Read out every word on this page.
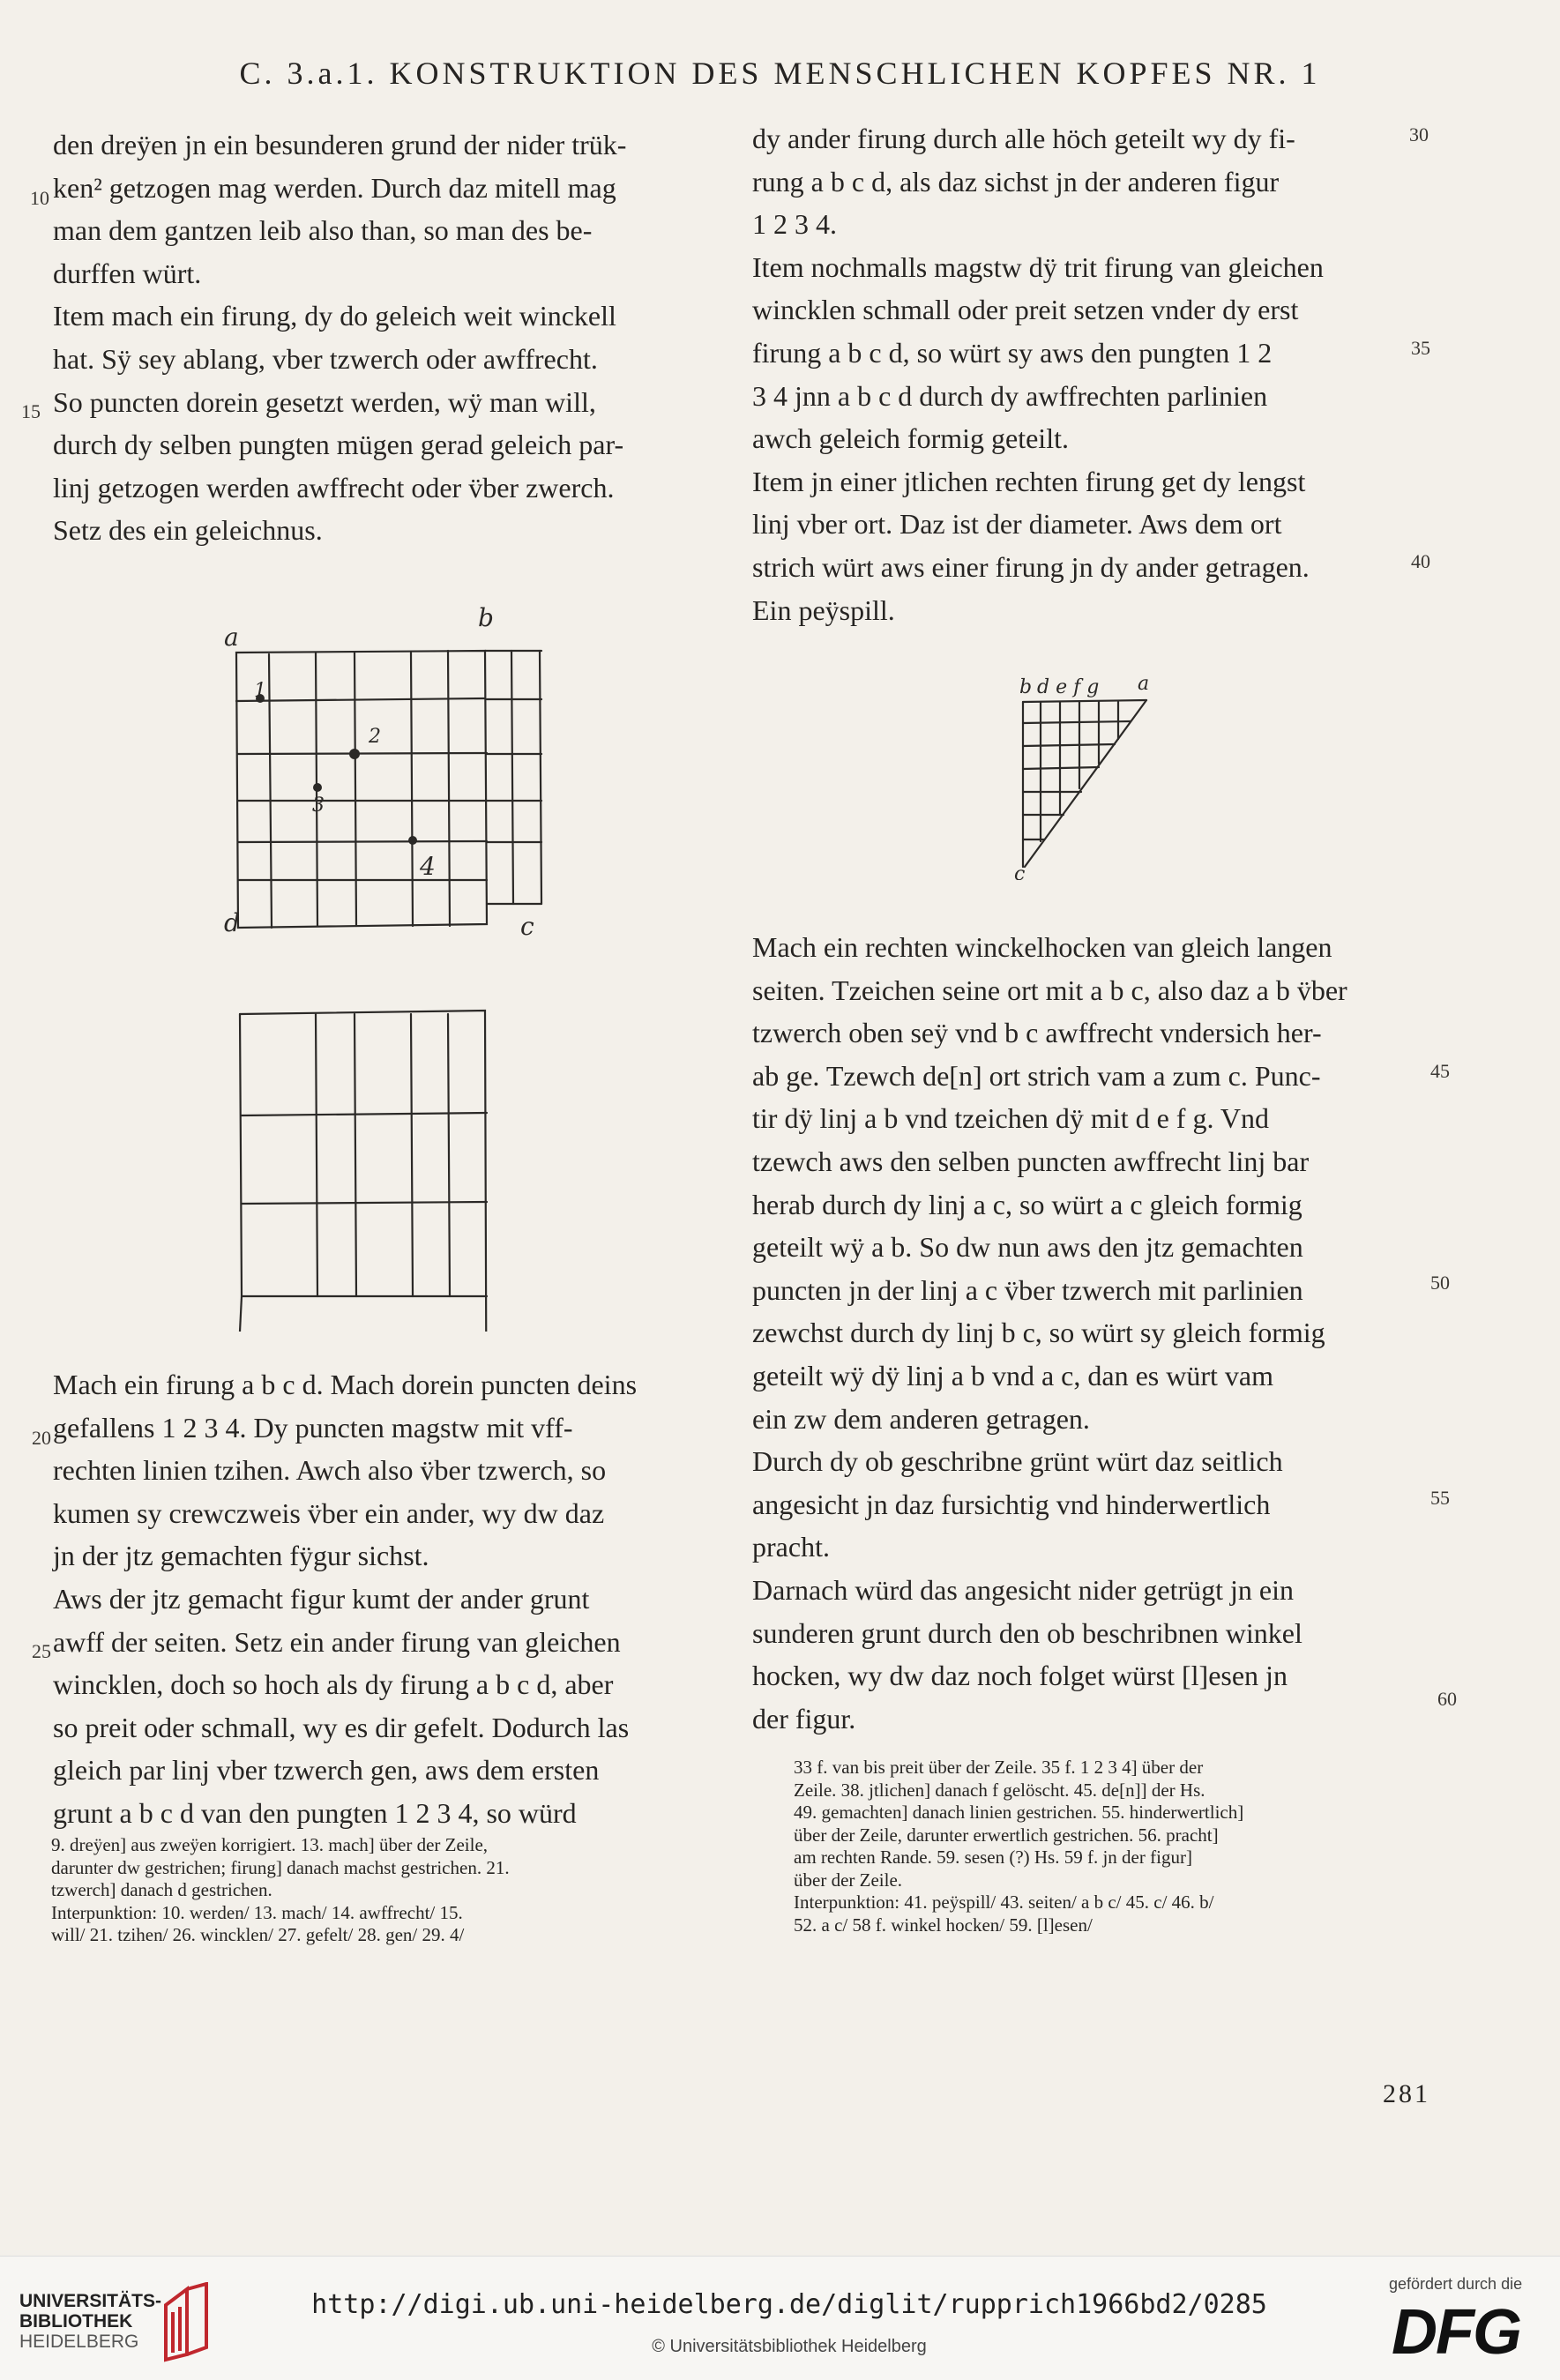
C. 3.a.1. KONSTRUKTION DES MENSCHLICHEN KOPFES NR. 1
den dreÿen jn ein besunderen grund der nider trük-
ken² getzogen mag werden. Durch daz mitell mag
man dem gantzen leib also than, so man des be-
durffen würt.
Item mach ein firung, dy do geleich weit winckell
hat. Sÿ sey ablang, vber tzwerch oder awffrecht.
So puncten dorein gesetzt werden, wÿ man will,
durch dy selben pungten mügen gerad geleich par-
linj getzogen werden awffrecht oder v̈ber zwerch.
Setz des ein geleichnus.
Mach ein firung a b c d. Mach dorein puncten deins
gefallens 1 2 3 4. Dy puncten magstw mit vff-
rechten linien tzihen. Awch also v̈ber tzwerch, so
kumen sy crewczweis v̈ber ein ander, wy dw daz
jn der jtz gemachten fÿgur sichst.
Aws der jtz gemacht figur kumt der ander grunt
awff der seiten. Setz ein ander firung van gleichen
wincklen, doch so hoch als dy firung a b c d, aber
so preit oder schmall, wy es dir gefelt. Dodurch las
gleich par linj vber tzwerch gen, aws dem ersten
grunt a b c d van den pungten 1 2 3 4, so würd
dy ander firung durch alle höch geteilt wy dy fi-
rung a b c d, als daz sichst jn der anderen figur
1 2 3 4.
Item nochmalls magstw dÿ trit firung van gleichen
wincklen schmall oder preit setzen vnder dy erst
firung a b c d, so würt sy aws den pungten 1 2
3 4 jnn a b c d durch dy awffrechten parlinien
awch geleich formig geteilt.
Item jn einer jtlichen rechten firung get dy lengst
linj vber ort. Daz ist der diameter. Aws dem ort
strich würt aws einer firung jn dy ander getragen.
Ein peÿspill.
Mach ein rechten winckelhocken van gleich langen
seiten. Tzeichen seine ort mit a b c, also daz a b v̈ber
tzwerch oben seÿ vnd b c awffrecht vndersich her-
ab ge. Tzewch de[n] ort strich vam a zum c. Punc-
tir dÿ linj a b vnd tzeichen dÿ mit d e f g. Vnd
tzewch aws den selben puncten awffrecht linj bar
herab durch dy linj a c, so würt a c gleich formig
geteilt wÿ a b. So dw nun aws den jtz gemachten
puncten jn der linj a c v̈ber tzwerch mit parlinien
zewchst durch dy linj b c, so würt sy gleich formig
geteilt wÿ dÿ linj a b vnd a c, dan es würt vam
ein zw dem anderen getragen.
Durch dy ob geschribne grünt würt daz seitlich
angesicht jn daz fursichtig vnd hinderwertlich
pracht.
Darnach würd das angesicht nider getrügt jn ein
sunderen grunt durch den ob beschribnen winkel
hocken, wy dw daz noch folget würst [l]esen jn
der figur.
10
15
20
25
30
35
40
45
50
55
60
a
b
c
d
1
2
3
4
b d e f g a
c
9. dreÿen] aus zweÿen korrigiert. 13. mach] über der Zeile,
darunter dw gestrichen; firung] danach machst gestrichen. 21.
tzwerch] danach d gestrichen.
Interpunktion: 10. werden/ 13. mach/ 14. awffrecht/ 15.
will/ 21. tzihen/ 26. wincklen/ 27. gefelt/ 28. gen/ 29. 4/
33 f. van bis preit über der Zeile. 35 f. 1 2 3 4] über der
Zeile. 38. jtlichen] danach f gelöscht. 45. de[n]] der Hs.
49. gemachten] danach linien gestrichen. 55. hinderwertlich]
über der Zeile, darunter erwertlich gestrichen. 56. pracht]
am rechten Rande. 59. sesen (?) Hs. 59 f. jn der figur]
über der Zeile.
Interpunktion: 41. peÿspill/ 43. seiten/ a b c/ 45. c/ 46. b/
52. a c/ 58 f. winkel hocken/ 59. [l]esen/
281
UNIVERSITÄTS-
BIBLIOTHEK
HEIDELBERG
http://digi.ub.uni-heidelberg.de/diglit/rupprich1966bd2/0285
© Universitätsbibliothek Heidelberg
gefördert durch die
DFG
